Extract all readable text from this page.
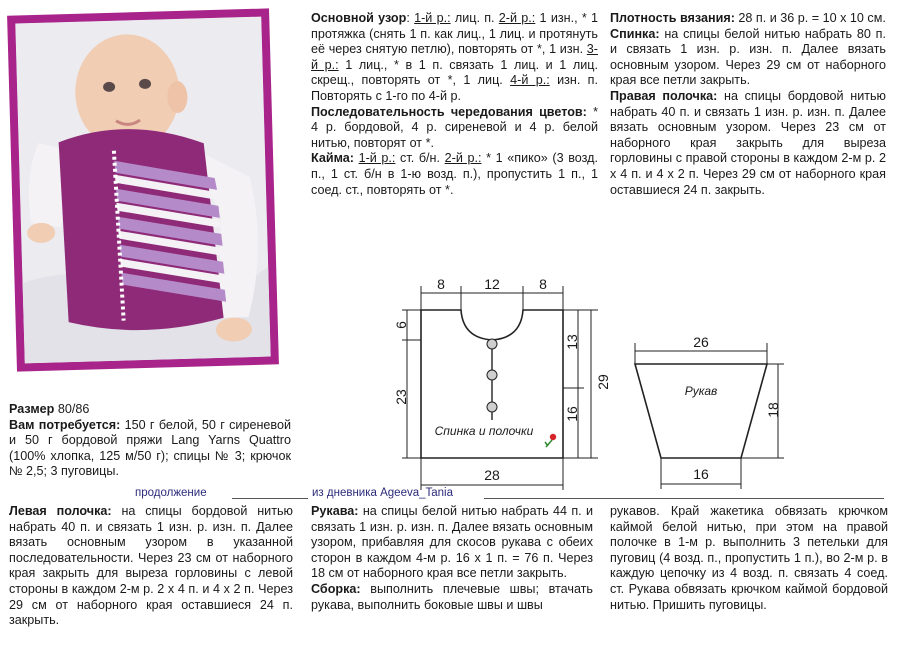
Основной узор: 1-й р.: лиц. п. 2-й р.: 1 изн., * 1 протяжка (снять 1 п. как лиц., 1 лиц. и протянуть её через снятую петлю), повторять от *, 1 изн. 3-й р.: 1 лиц., * в 1 п. связать 1 лиц. и 1 лиц. скрещ., повторять от *, 1 лиц. 4-й р.: изн. п. Повторять с 1-го по 4-й р.
Последовательность чередования цветов: * 4 р. бордовой, 4 р. сиреневой и 4 р. белой нитью, повторят от *.
Кайма: 1-й р.: ст. б/н. 2-й р.: * 1 «пико» (3 возд. п., 1 ст. б/н в 1-ю возд. п.), пропустить 1 п., 1 соед. ст., повторять от *.
Плотность вязания: 28 п. и 36 р. = 10 х 10 см.
Спинка: на спицы белой нитью набрать 80 п. и связать 1 изн. р. изн. п. Далее вязать основным узором. Через 29 см от наборного края все петли закрыть.
Правая полочка: на спицы бордовой нитью набрать 40 п. и связать 1 изн. р. изн. п. Далее вязать основным узором. Через 23 см от наборного края закрыть для выреза горловины с правой стороны в каждом 2-м р. 2 х 4 п. и 4 х 2 п. Через 29 см от наборного края оставшиеся 24 п. закрыть.
Размер 80/86
Вам потребуется: 150 г белой, 50 г сиреневой и 50 г бордовой пряжи Lang Yarns Quattro (100% хлопка, 125 м/50 г); спицы № 3; крючок № 2,5; 3 пуговицы.
8	12	8
Спинка и полочки
6
23
13
16
29
28
26
Рукав
18
16
продолжение	из дневника Ageeva_Tania
Левая полочка: на спицы бордовой нитью набрать 40 п. и связать 1 изн. р. изн. п. Далее вязать основным узором в указанной последовательности. Через 23 см от наборного края закрыть для выреза горловины с левой стороны в каждом 2-м р. 2 х 4 п. и 4 х 2 п. Через 29 см от наборного края оставшиеся 24 п. закрыть.
Рукава: на спицы белой нитью набрать 44 п. и связать 1 изн. р. изн. п. Далее вязать основным узором, прибавляя для скосов рукава с обеих сторон в каждом 4-м р. 16 х 1 п. = 76 п. Через 18 см от наборного края все петли закрыть.
Сборка: выполнить плечевые швы; втачать рукава, выполнить боковые швы и швы
рукавов. Край жакетика обвязать крючком каймой белой нитью, при этом на правой полочке в 1-м р. выполнить 3 петельки для пуговиц (4 возд. п., пропустить 1 п.), во 2-м р. в каждую цепочку из 4 возд. п. связать 4 соед. ст. Рукава обвязать крючком каймой бордовой нитью. Пришить пуговицы.
